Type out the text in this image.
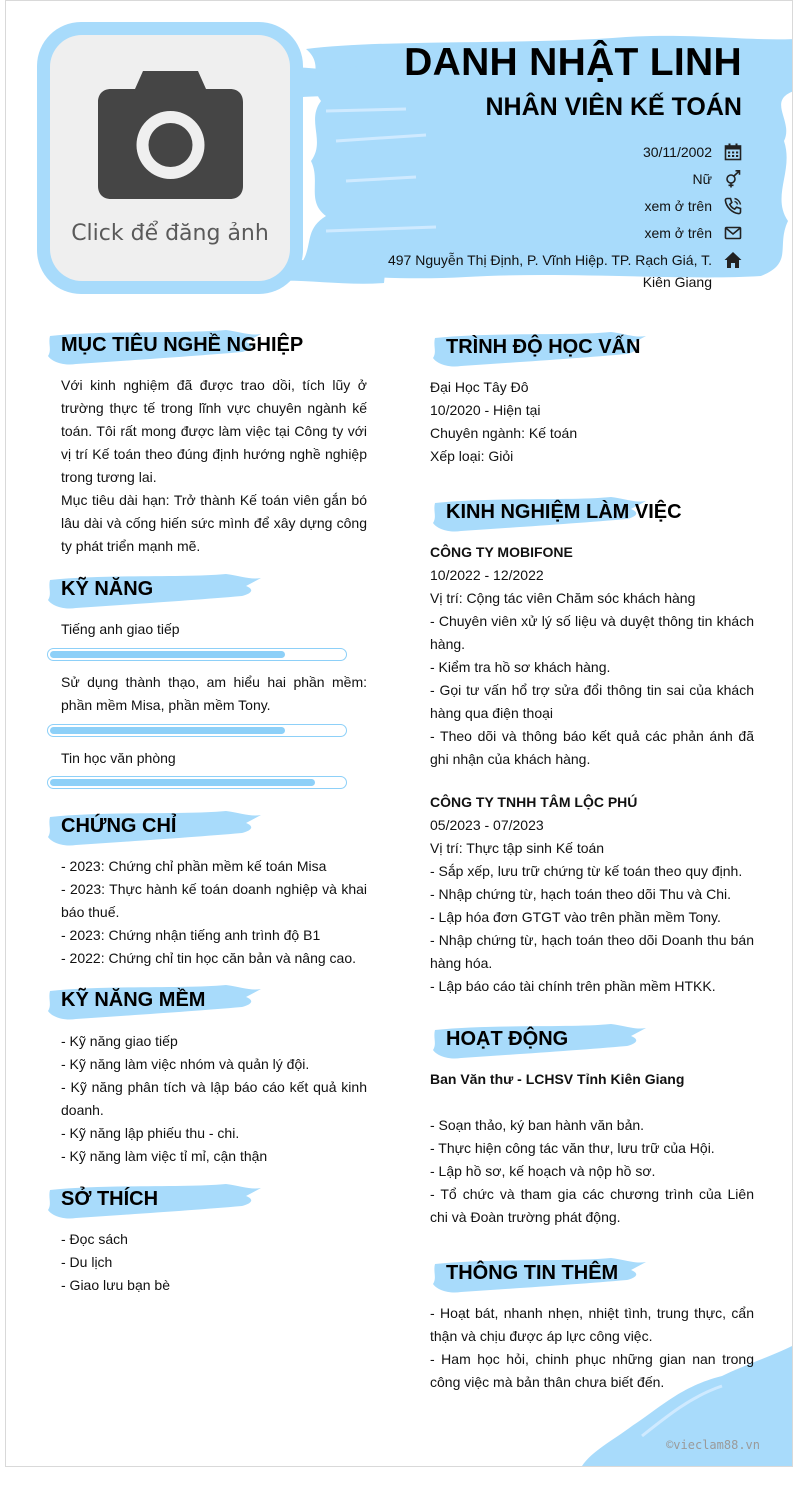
Click để đăng ảnh
DANH NHẬT LINH
NHÂN VIÊN KẾ TOÁN
30/11/2002
Nữ
xem ở trên
xem ở trên
497 Nguyễn Thị Định, P. Vĩnh Hiệp. TP. Rạch Giá, T. Kiên Giang
MỤC TIÊU NGHỀ NGHIỆP

Với kinh nghiệm đã được trao dồi, tích lũy ở trường thực tế trong lĩnh vực chuyên ngành kế toán. Tôi rất mong được làm việc tại Công ty với vị trí Kế toán theo đúng định hướng nghề nghiệp trong tương lai.

Mục tiêu dài hạn: Trở thành Kế toán viên gắn bó lâu dài và cống hiến sức mình để xây dựng công ty phát triển mạnh mẽ.

KỸ NĂNG
Tiếng anh giao tiếp
Sử dụng thành thạo, am hiểu hai phần mềm: phần mềm Misa, phần mềm Tony.
Tin học văn phòng
CHỨNG CHỈ

- 2023: Chứng chỉ phần mềm kế toán Misa

- 2023: Thực hành kế toán doanh nghiệp và khai báo thuế.

- 2023: Chứng nhận tiếng anh trình độ B1

- 2022: Chứng chỉ tin học căn bản và nâng cao.

KỸ NĂNG MỀM

- Kỹ năng giao tiếp

- Kỹ năng làm việc nhóm và quản lý đội.

- Kỹ năng phân tích và lập báo cáo kết quả kinh doanh.

- Kỹ năng lập phiếu thu - chi.

- Kỹ năng làm việc tỉ mỉ, cận thận

SỞ THÍCH

- Đọc sách

- Du lịch

- Giao lưu bạn bè

TRÌNH ĐỘ HỌC VẤN

Đại Học Tây Đô

10/2020 - Hiện tại

Chuyên ngành: Kế toán

Xếp loại: Giỏi

KINH NGHIỆM LÀM VIỆC

CÔNG TY MOBIFONE

10/2022 - 12/2022

Vị trí: Cộng tác viên Chăm sóc khách hàng

- Chuyên viên xử lý số liệu và duyệt thông tin khách hàng.

- Kiểm tra hồ sơ khách hàng.

- Gọi tư vấn hổ trợ sửa đổi thông tin sai của khách hàng qua điện thoại

- Theo dõi và thông báo kết quả các phản ánh đã ghi nhận của khách hàng.

CÔNG TY TNHH TÂM LỘC PHÚ

05/2023 - 07/2023

Vị trí: Thực tập sinh Kế toán

- Sắp xếp, lưu trữ chứng từ kế toán theo quy định.

- Nhập chứng từ, hạch toán theo dõi Thu và Chi.

- Lập hóa đơn GTGT vào trên phần mềm Tony.

- Nhập chứng từ, hạch toán theo dõi Doanh thu bán hàng hóa.

- Lập báo cáo tài chính trên phần mềm HTKK.

HOẠT ĐỘNG

Ban Văn thư - LCHSV Tỉnh Kiên Giang

- Soạn thảo, ký ban hành văn bản.

- Thực hiện công tác văn thư, lưu trữ của Hội.

- Lập hồ sơ, kế hoạch và nộp hồ sơ.

- Tổ chức và tham gia các chương trình của Liên chi và Đoàn trường phát động.

THÔNG TIN THÊM

- Hoạt bát, nhanh nhẹn, nhiệt tình, trung thực, cẩn thận và chịu được áp lực công việc.

- Ham học hỏi, chinh phục những gian nan trong công việc mà bản thân chưa biết đến.

©vieclam88.vn
